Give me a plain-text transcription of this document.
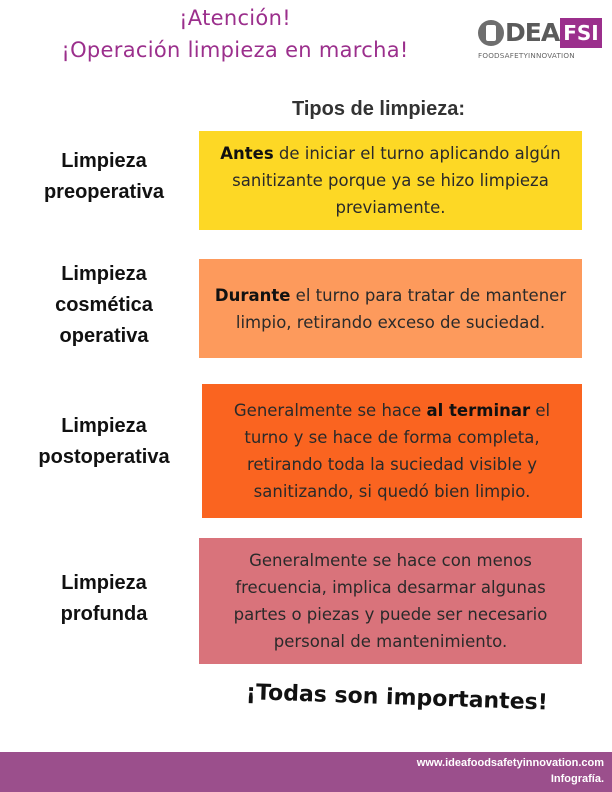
¡Atención!
¡Operación limpieza en marcha!
DEA FSI
FOODSAFETYINNOVATION
Tipos de limpieza:
Limpieza
preoperativa
Antes de iniciar el turno aplicando algún sanitizante porque ya se hizo limpieza previamente.
Limpieza
cosmética
operativa
Durante el turno para tratar de mantener limpio, retirando exceso de suciedad.
Limpieza
postoperativa
Generalmente se hace al terminar el turno y se hace de forma completa, retirando toda la suciedad visible y sanitizando, si quedó bien limpio.
Limpieza
profunda
Generalmente se hace con menos frecuencia, implica desarmar algunas partes o piezas y puede ser necesario personal de mantenimiento.
¡Todas son importantes!
www.ideafoodsafetyinnovation.com
Infografía.
